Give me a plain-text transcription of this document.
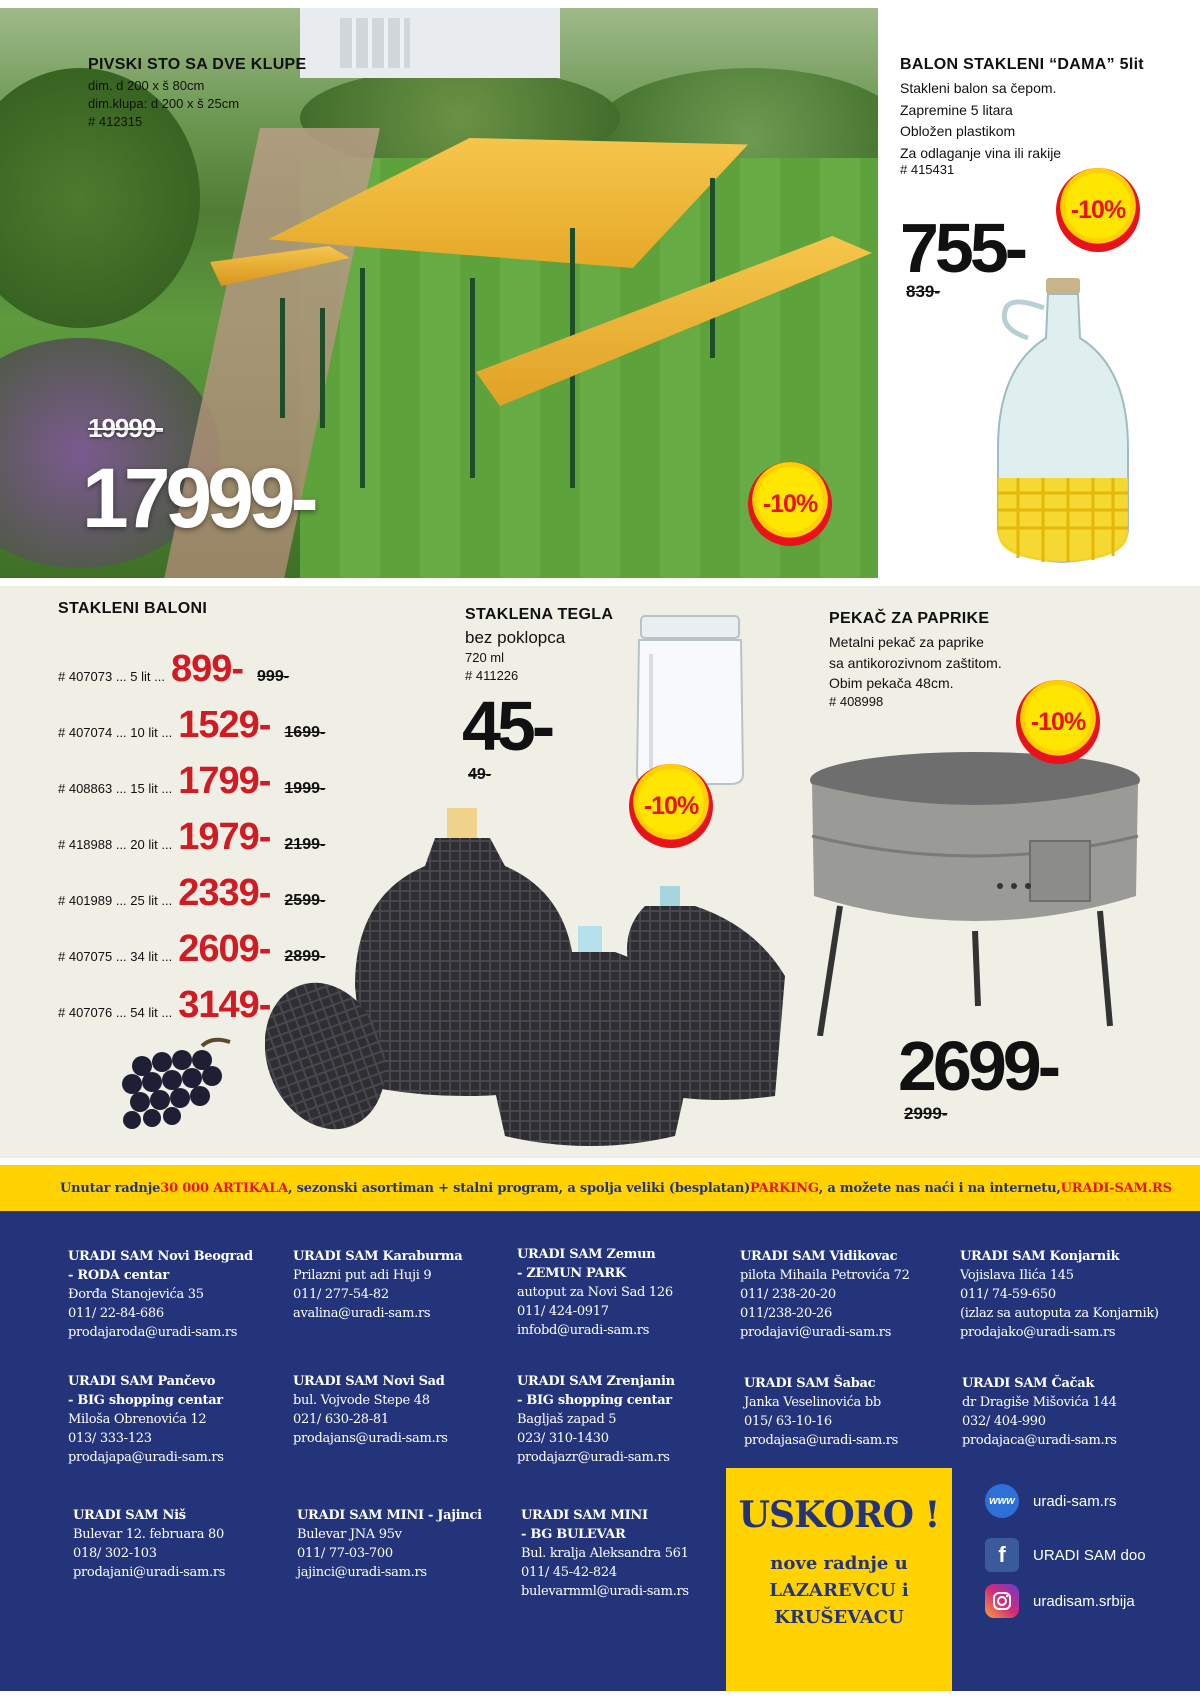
PIVSKI STO SA DVE KLUPE
dim. d 200 x š 80cm
dim.klupa: d 200 x š 25cm
# 412315
19999-
17999-	-10%
BALON STAKLENI “DAMA” 5lit
Stakleni balon sa čepom.
Zapremine 5 litara
Obložen plastikom
Za odlaganje vina ili rakije
# 415431
755-
839-
-10%
STAKLENI BALONI
# 407073 ... 5 lit ... 899- 999-
# 407074 ... 10 lit ... 1529- 1699-
# 408863 ... 15 lit ... 1799- 1999-
# 418988 ... 20 lit ... 1979- 2199-
# 401989 ... 25 lit ... 2339- 2599-
# 407075 ... 34 lit ... 2609- 2899-
# 407076 ... 54 lit ... 3149-
STAKLENA TEGLA
bez poklopca
720 ml
# 411226
45-
49-
PEKAČ ZA PAPRIKE
Metalni pekač za paprike
sa antikorozivnom zaštitom.
Obim pekača 48cm.
# 408998
2699-
2999-
-10%
-10%
Unutar radnje 30 000 ARTIKALA , sezonski asortiman + stalni program, a spolja veliki (besplatan) PARKING , a možete nas naći i na internetu, URADI-SAM.RS
URADI SAM Novi Beograd
- RODA centar
Đorđa Stanojevića 35
011/ 22-84-686
prodajaroda@uradi-sam.rs
URADI SAM Karaburma
Prilazni put adi Huji 9
011/ 277-54-82
avalina@uradi-sam.rs
URADI SAM Zemun
- ZEMUN PARK
autoput za Novi Sad 126
011/ 424-0917
infobd@uradi-sam.rs
URADI SAM Vidikovac
pilota Mihaila Petrovića 72
011/ 238-20-20
011/238-20-26
prodajavi@uradi-sam.rs
URADI SAM Konjarnik
Vojislava Ilića 145
011/ 74-59-650
(izlaz sa autoputa za Konjarnik)
prodajako@uradi-sam.rs
URADI SAM Pančevo
- BIG shopping centar
Miloša Obrenovića 12
013/ 333-123
prodajapa@uradi-sam.rs
URADI SAM Novi Sad
bul. Vojvode Stepe 48
021/ 630-28-81
prodajans@uradi-sam.rs
URADI SAM Zrenjanin
- BIG shopping centar
Bagljaš zapad 5
023/ 310-1430
prodajazr@uradi-sam.rs
URADI SAM Šabac
Janka Veselinovića bb
015/ 63-10-16
prodajasa@uradi-sam.rs
URADI SAM Čačak
dr Dragiše Mišovića 144
032/ 404-990
prodajaca@uradi-sam.rs
URADI SAM Niš
Bulevar 12. februara 80
018/ 302-103
prodajani@uradi-sam.rs
URADI SAM MINI - Jajinci
Bulevar JNA 95v
011/ 77-03-700
jajinci@uradi-sam.rs
URADI SAM MINI
- BG BULEVAR
Bul. kralja Aleksandra 561
011/ 45-42-824
bulevarmml@uradi-sam.rs
USKORO !
nove radnje u
LAZAREVCU i
KRUŠEVACU
www uradi-sam.rs
f	URADI SAM doo
uradisam.srbija
